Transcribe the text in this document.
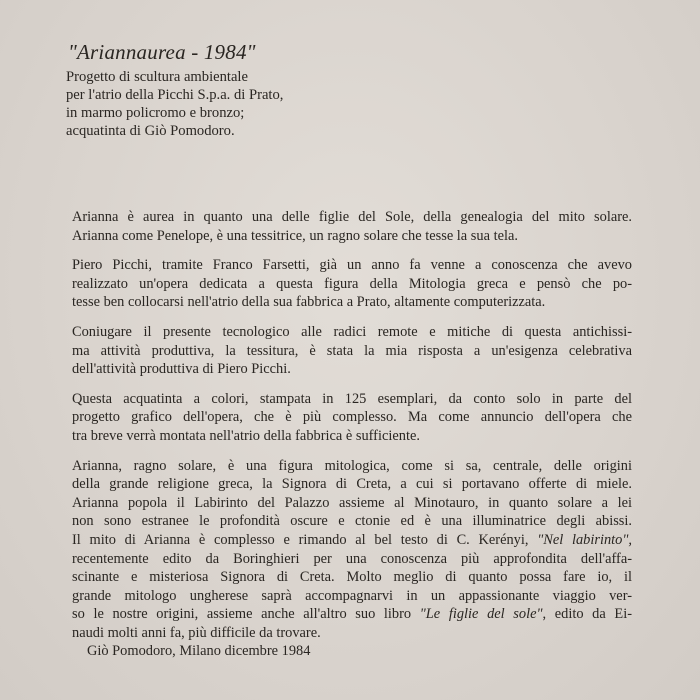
"Ariannaurea - 1984"

Progetto di scultura ambientale

per l'atrio della Picchi S.p.a. di Prato,

in marmo policromo e bronzo;

acquatinta di Giò Pomodoro.

Arianna è aurea in quanto una delle figlie del Sole, della genealogia del mito solare.
Arianna come Penelope, è una tessitrice, un ragno solare che tesse la sua tela.
Piero Picchi, tramite Franco Farsetti, già un anno fa venne a conoscenza che avevo
realizzato un'opera dedicata a questa figura della Mitologia greca e pensò che po-
tesse ben collocarsi nell'atrio della sua fabbrica a Prato, altamente computerizzata.
Coniugare il presente tecnologico alle radici remote e mitiche di questa antichissi-
ma attività produttiva, la tessitura, è stata la mia risposta a un'esigenza celebrativa
dell'attività produttiva di Piero Picchi.
Questa acquatinta a colori, stampata in 125 esemplari, da conto solo in parte del
progetto grafico dell'opera, che è più complesso. Ma come annuncio dell'opera che
tra breve verrà montata nell'atrio della fabbrica è sufficiente.
Arianna, ragno solare, è una figura mitologica, come si sa, centrale, delle origini
della grande religione greca, la Signora di Creta, a cui si portavano offerte di miele.
Arianna popola il Labirinto del Palazzo assieme al Minotauro, in quanto solare a lei
non sono estranee le profondità oscure e ctonie ed è una illuminatrice degli abissi.
Il mito di Arianna è complesso e rimando al bel testo di C. Kerényi, "Nel labirinto",
recentemente edito da Boringhieri per una conoscenza più approfondita dell'affa-
scinante e misteriosa Signora di Creta. Molto meglio di quanto possa fare io, il
grande mitologo ungherese saprà accompagnarvi in un appassionante viaggio ver-
so le nostre origini, assieme anche all'altro suo libro "Le figlie del sole", edito da Ei-
naudi molti anni fa, più difficile da trovare.
Giò Pomodoro, Milano dicembre 1984
